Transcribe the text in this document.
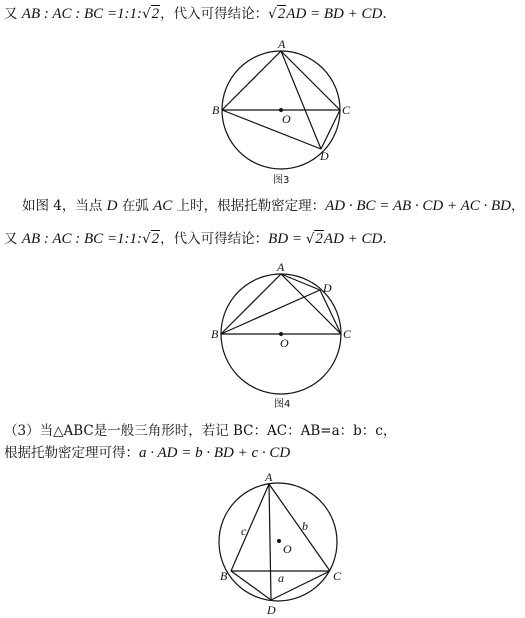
又 AB : AC : BC =1:1:√2，代入可得结论：√2AD = BD + CD.
如图 4，当点 D 在弧 AC 上时，根据托勒密定理：AD · BC = AB · CD + AC · BD，
又 AB : AC : BC =1:1:√2，代入可得结论：BD = √2AD + CD.
（3）当△ABC是一般三角形时，若记 BC：AC：AB=a：b：c，
根据托勒密定理可得：a · AD = b · BD + c · CD
A
B	C
D
O
图3
A
B	C
D
O
图4
A
B	C
D
O
a
b
c
